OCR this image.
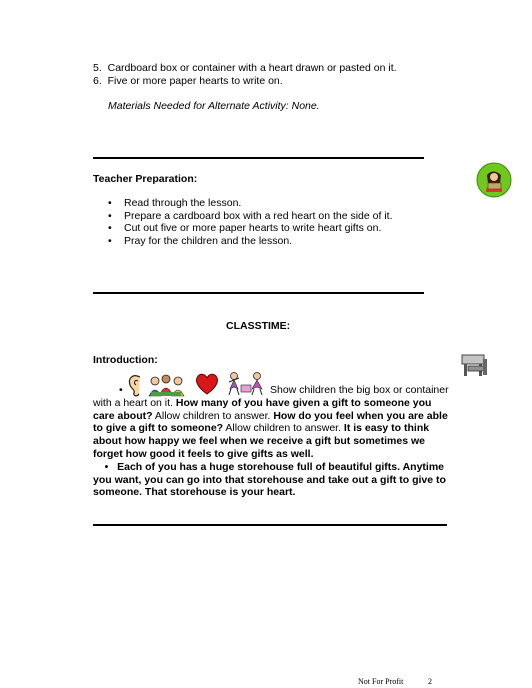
5. Cardboard box or container with a heart drawn or pasted on it.
6. Five or more paper hearts to write on.
Materials Needed for Alternate Activity: None.
Teacher Preparation:
• Read through the lesson.
• Prepare a cardboard box with a red heart on the side of it.
• Cut out five or more paper hearts to write heart gifts on.
• Pray for the children and the lesson.
CLASSTIME:
Introduction:
•	Show children the big box or container with a heart on it. How many of you have given a gift to someone you care about? Allow children to answer. How do you feel when you are able to give a gift to someone? Allow children to answer. It is easy to think about how happy we feel when we receive a gift but sometimes we forget how good it feels to give gifts as well.

•   Each of you has a huge storehouse full of beautiful gifts. Anytime you want, you can go into that storehouse and take out a gift to give to someone. That storehouse is your heart.

Not For Profit	2
